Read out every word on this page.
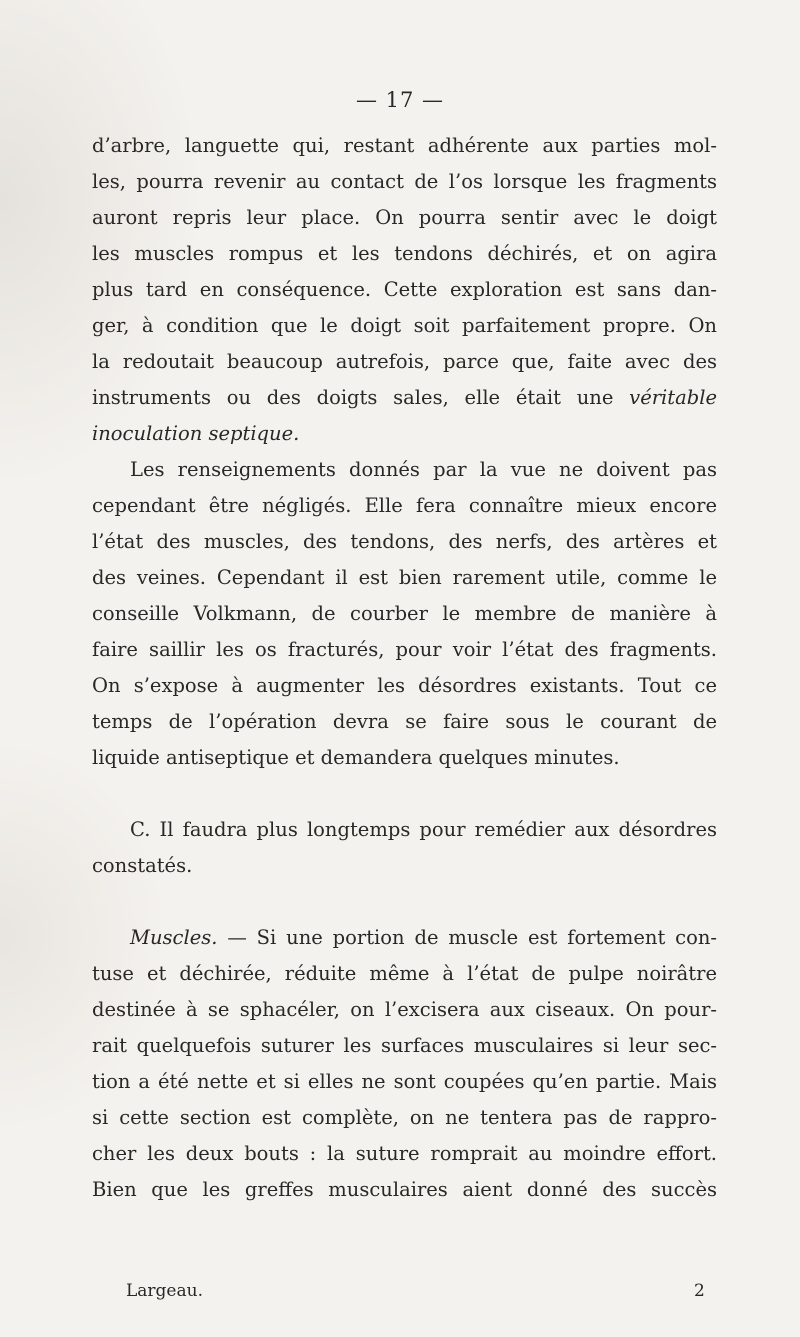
— 17 —

d’arbre, languette qui, restant adhérente aux parties mol-
les, pourra revenir au contact de l’os lorsque les fragments
auront repris leur place. On pourra sentir avec le doigt
les muscles rompus et les tendons déchirés, et on agira
plus tard en conséquence. Cette exploration est sans dan-
ger, à condition que le doigt soit parfaitement propre. On
la redoutait beaucoup autrefois, parce que, faite avec des
instruments ou des doigts sales, elle était une véritable
inoculation septique.

Les renseignements donnés par la vue ne doivent pas
cependant être négligés. Elle fera connaître mieux encore
l’état des muscles, des tendons, des nerfs, des artères et
des veines. Cependant il est bien rarement utile, comme le
conseille Volkmann, de courber le membre de manière à
faire saillir les os fracturés, pour voir l’état des fragments.
On s’expose à augmenter les désordres existants. Tout ce
temps de l’opération devra se faire sous le courant de
liquide antiseptique et demandera quelques minutes.

C. Il faudra plus longtemps pour remédier aux désordres
constatés.

Muscles. — Si une portion de muscle est fortement con-
tuse et déchirée, réduite même à l’état de pulpe noirâtre
destinée à se sphacéler, on l’excisera aux ciseaux. On pour-
rait quelquefois suturer les surfaces musculaires si leur sec-
tion a été nette et si elles ne sont coupées qu’en partie. Mais
si cette section est complète, on ne tentera pas de rappro-
cher les deux bouts : la suture romprait au moindre effort.
Bien que les greffes musculaires aient donné des succès

Largeau.	2
